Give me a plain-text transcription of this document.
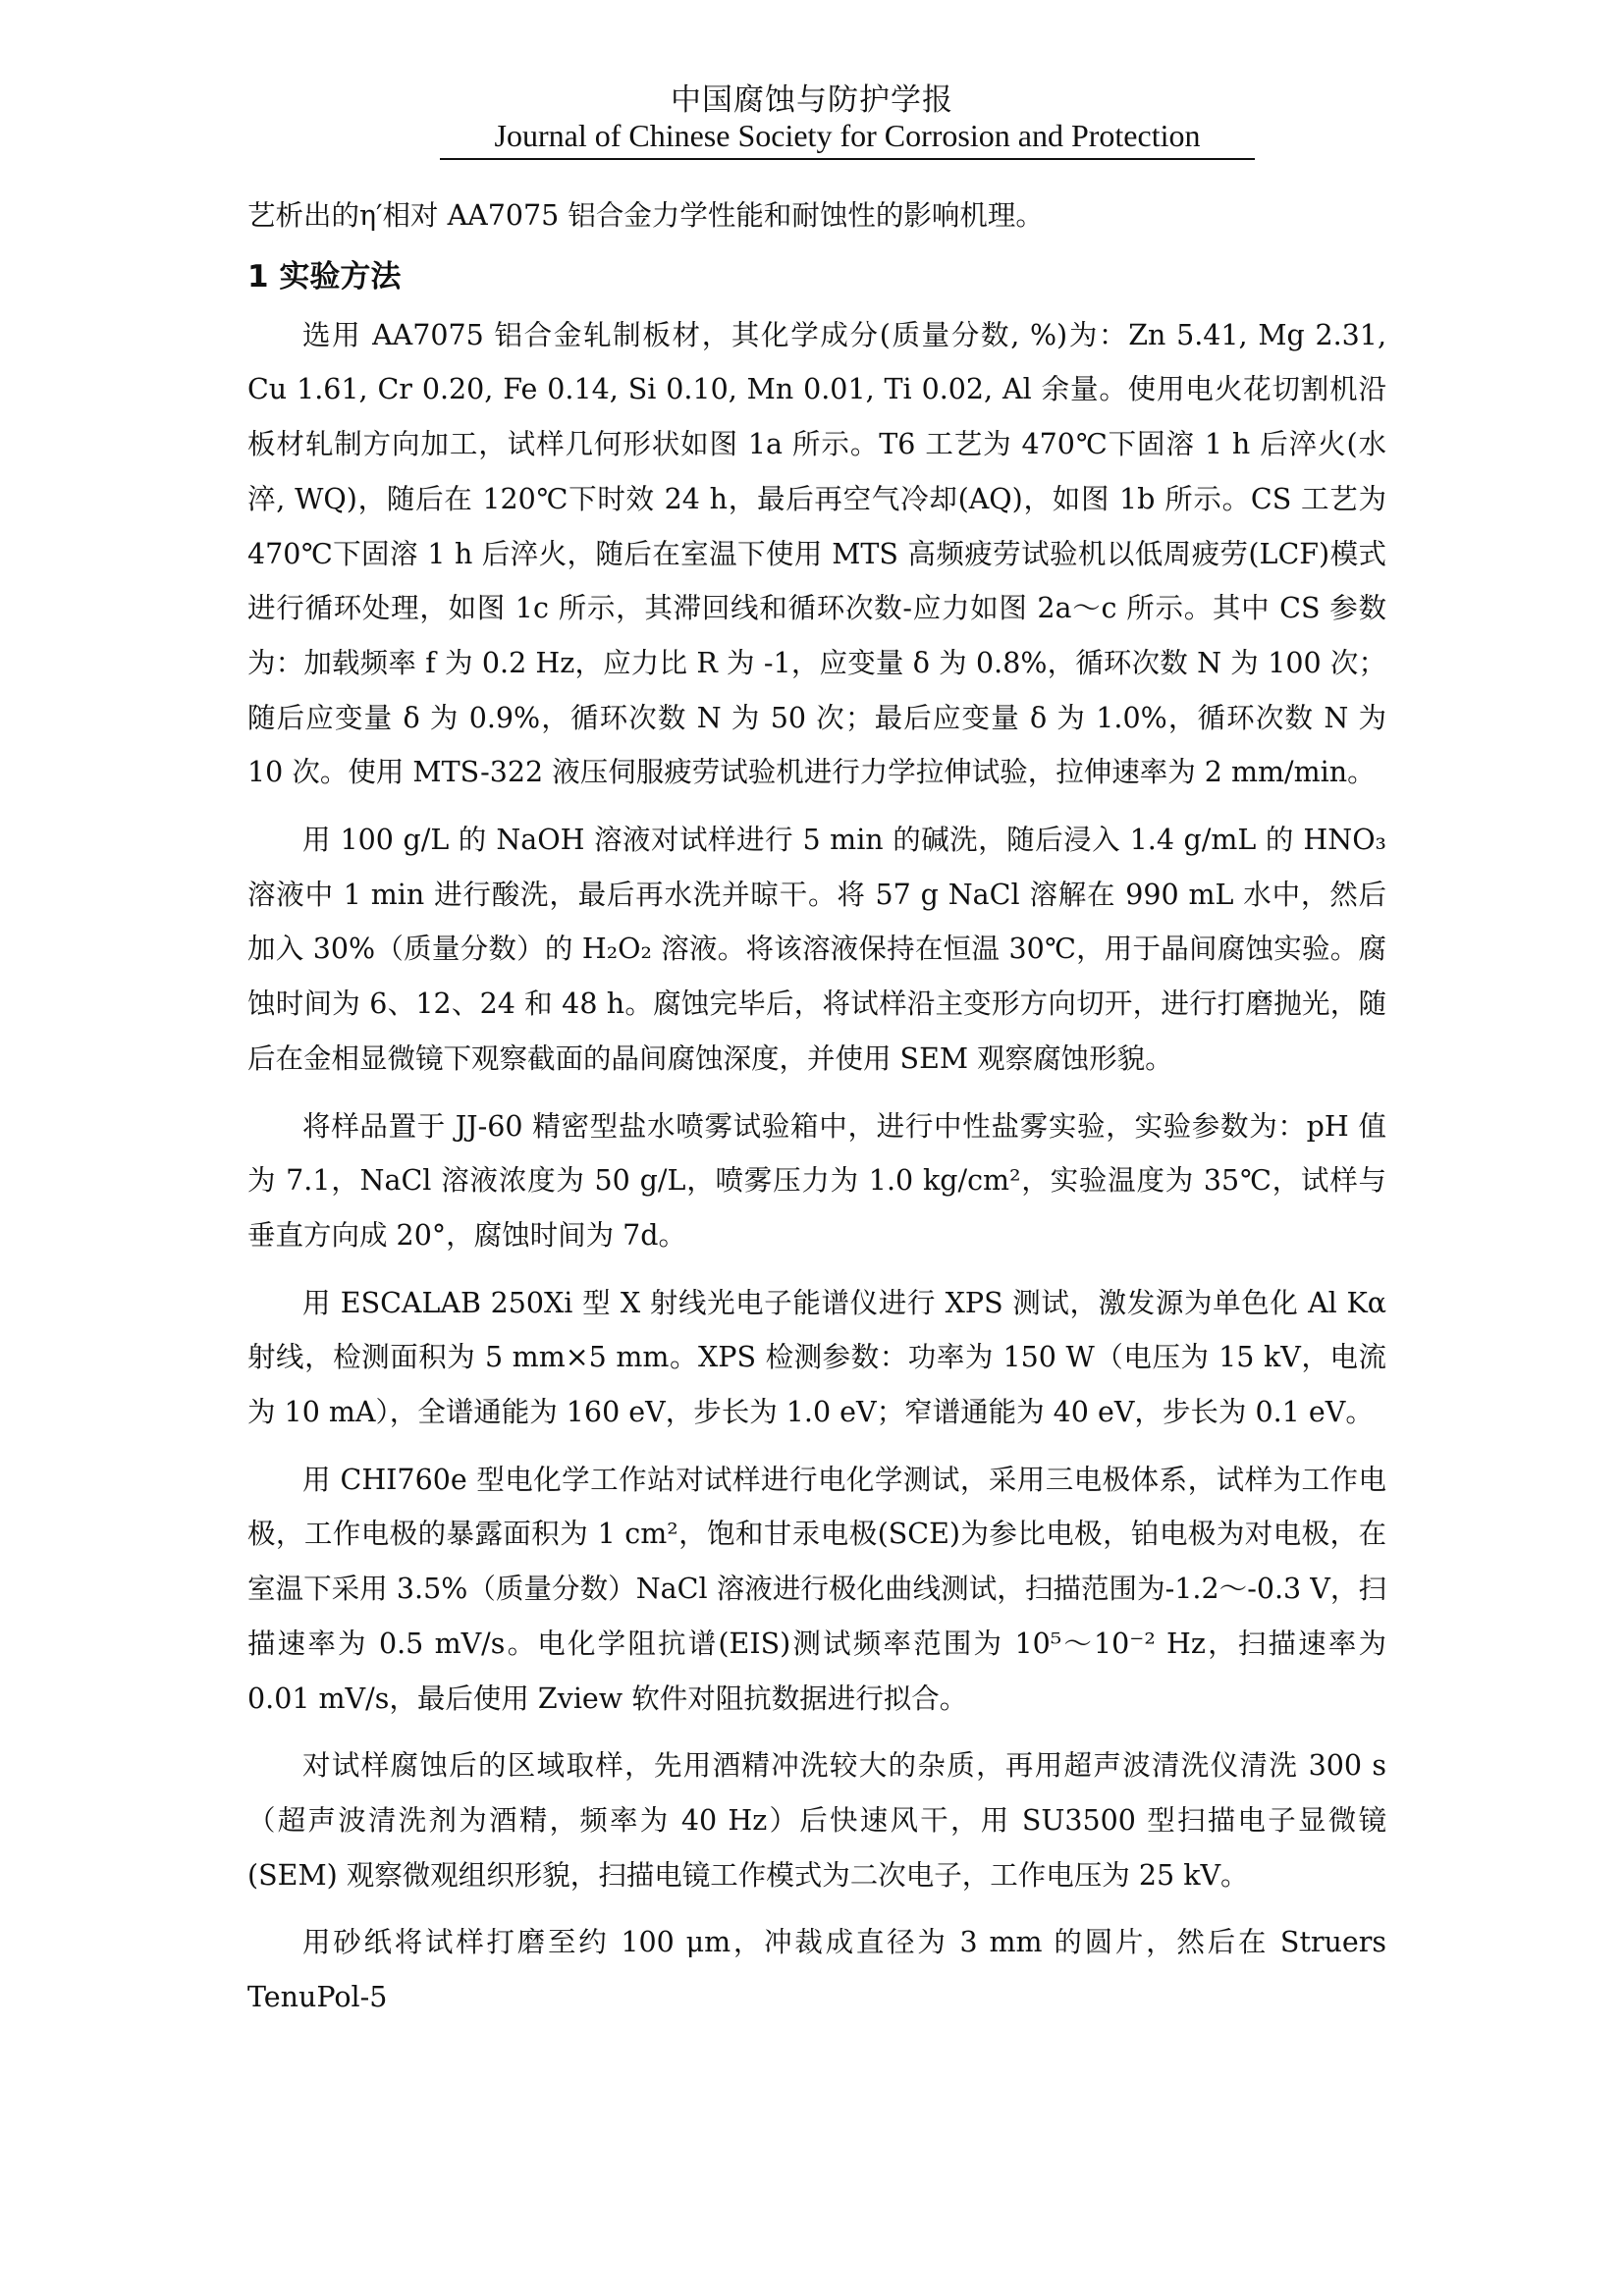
中国腐蚀与防护学报
Journal of Chinese Society for Corrosion and Protection

艺析出的η′相对 AA7075 铝合金力学性能和耐蚀性的影响机理。

1 实验方法

选用 AA7075 铝合金轧制板材，其化学成分(质量分数, %)为：Zn 5.41, Mg 2.31, Cu 1.61, Cr 0.20, Fe 0.14, Si 0.10, Mn 0.01, Ti 0.02, Al 余量。使用电火花切割机沿板材轧制方向加工，试样几何形状如图 1a 所示。T6 工艺为 470℃下固溶 1 h 后淬火(水淬, WQ)，随后在 120℃下时效 24 h，最后再空气冷却(AQ)，如图 1b 所示。CS 工艺为 470℃下固溶 1 h 后淬火，随后在室温下使用 MTS 高频疲劳试验机以低周疲劳(LCF)模式进行循环处理，如图 1c 所示，其滞回线和循环次数-应力如图 2a～c 所示。其中 CS 参数为：加载频率 f 为 0.2 Hz，应力比 R 为 -1，应变量 δ 为 0.8%，循环次数 N 为 100 次；随后应变量 δ 为 0.9%，循环次数 N 为 50 次；最后应变量 δ 为 1.0%，循环次数 N 为 10 次。使用 MTS-322 液压伺服疲劳试验机进行力学拉伸试验，拉伸速率为 2 mm/min。

用 100 g/L 的 NaOH 溶液对试样进行 5 min 的碱洗，随后浸入 1.4 g/mL 的 HNO₃ 溶液中 1 min 进行酸洗，最后再水洗并晾干。将 57 g NaCl 溶解在 990 mL 水中，然后加入 30%（质量分数）的 H₂O₂ 溶液。将该溶液保持在恒温 30℃，用于晶间腐蚀实验。腐蚀时间为 6、12、24 和 48 h。腐蚀完毕后，将试样沿主变形方向切开，进行打磨抛光，随后在金相显微镜下观察截面的晶间腐蚀深度，并使用 SEM 观察腐蚀形貌。

将样品置于 JJ-60 精密型盐水喷雾试验箱中，进行中性盐雾实验，实验参数为：pH 值为 7.1，NaCl 溶液浓度为 50 g/L，喷雾压力为 1.0 kg/cm²，实验温度为 35℃，试样与垂直方向成 20°，腐蚀时间为 7d。

用 ESCALAB 250Xi 型 X 射线光电子能谱仪进行 XPS 测试，激发源为单色化 Al Kα 射线，检测面积为 5 mm×5 mm。XPS 检测参数：功率为 150 W（电压为 15 kV，电流为 10 mA），全谱通能为 160 eV，步长为 1.0 eV；窄谱通能为 40 eV，步长为 0.1 eV。

用 CHI760e 型电化学工作站对试样进行电化学测试，采用三电极体系，试样为工作电极，工作电极的暴露面积为 1 cm²，饱和甘汞电极(SCE)为参比电极，铂电极为对电极，在室温下采用 3.5%（质量分数）NaCl 溶液进行极化曲线测试，扫描范围为-1.2～-0.3 V，扫描速率为 0.5 mV/s。电化学阻抗谱(EIS)测试频率范围为 10⁵～10⁻² Hz，扫描速率为 0.01 mV/s，最后使用 Zview 软件对阻抗数据进行拟合。

对试样腐蚀后的区域取样，先用酒精冲洗较大的杂质，再用超声波清洗仪清洗 300 s（超声波清洗剂为酒精，频率为 40 Hz）后快速风干，用 SU3500 型扫描电子显微镜(SEM) 观察微观组织形貌，扫描电镜工作模式为二次电子，工作电压为 25 kV。

用砂纸将试样打磨至约 100 μm，冲裁成直径为 3 mm 的圆片，然后在 Struers TenuPol-5
